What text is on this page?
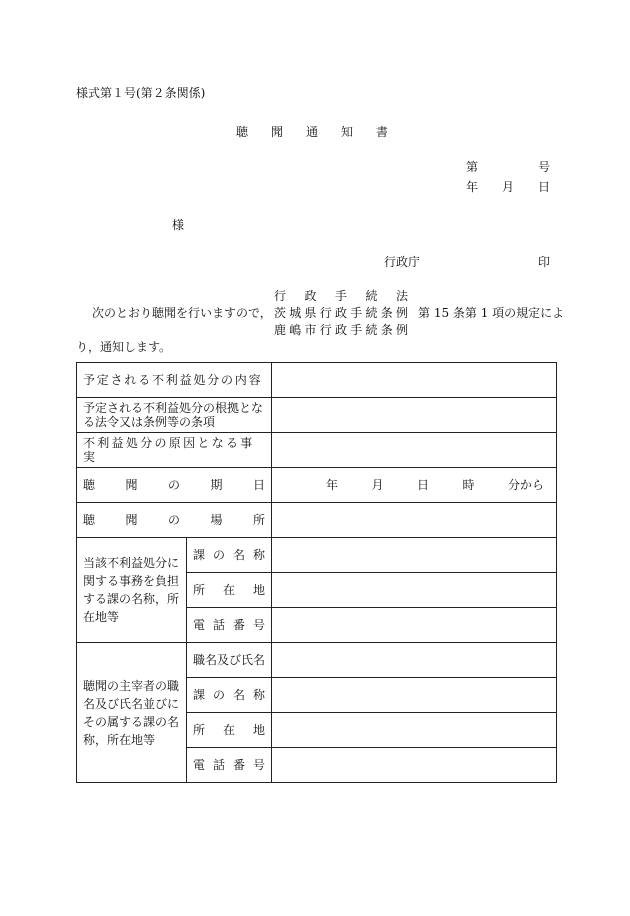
様式第１号(第２条関係)
聴 聞 通 知 書
第	号
年 月 日
様
行政庁	印
次のとおり聴聞を行いますので，
行　政　手　続　法
茨城県行政手続条例
鹿嶋市行政手続条例
第 15 条第 1 項の規定によ
り，通知します。
予定される不利益処分の内容		
予定される不利益処分の根拠となる法令又は条例等の条項		
不利益処分の原因となる事実		

聴 聞 の 期 日		年 月 日 時 分から

聴 聞 の 場 所		

当該不利益処分に関する事務を負担する課の名称，所在地等	課 の 名 称	

	所 在 地	

	電 話 番 号	

聴聞の主宰者の職名及び氏名並びにその属する課の名称，所在地等	職名及び氏名	

	課 の 名 称	

	所 在 地	

	電 話 番 号	
